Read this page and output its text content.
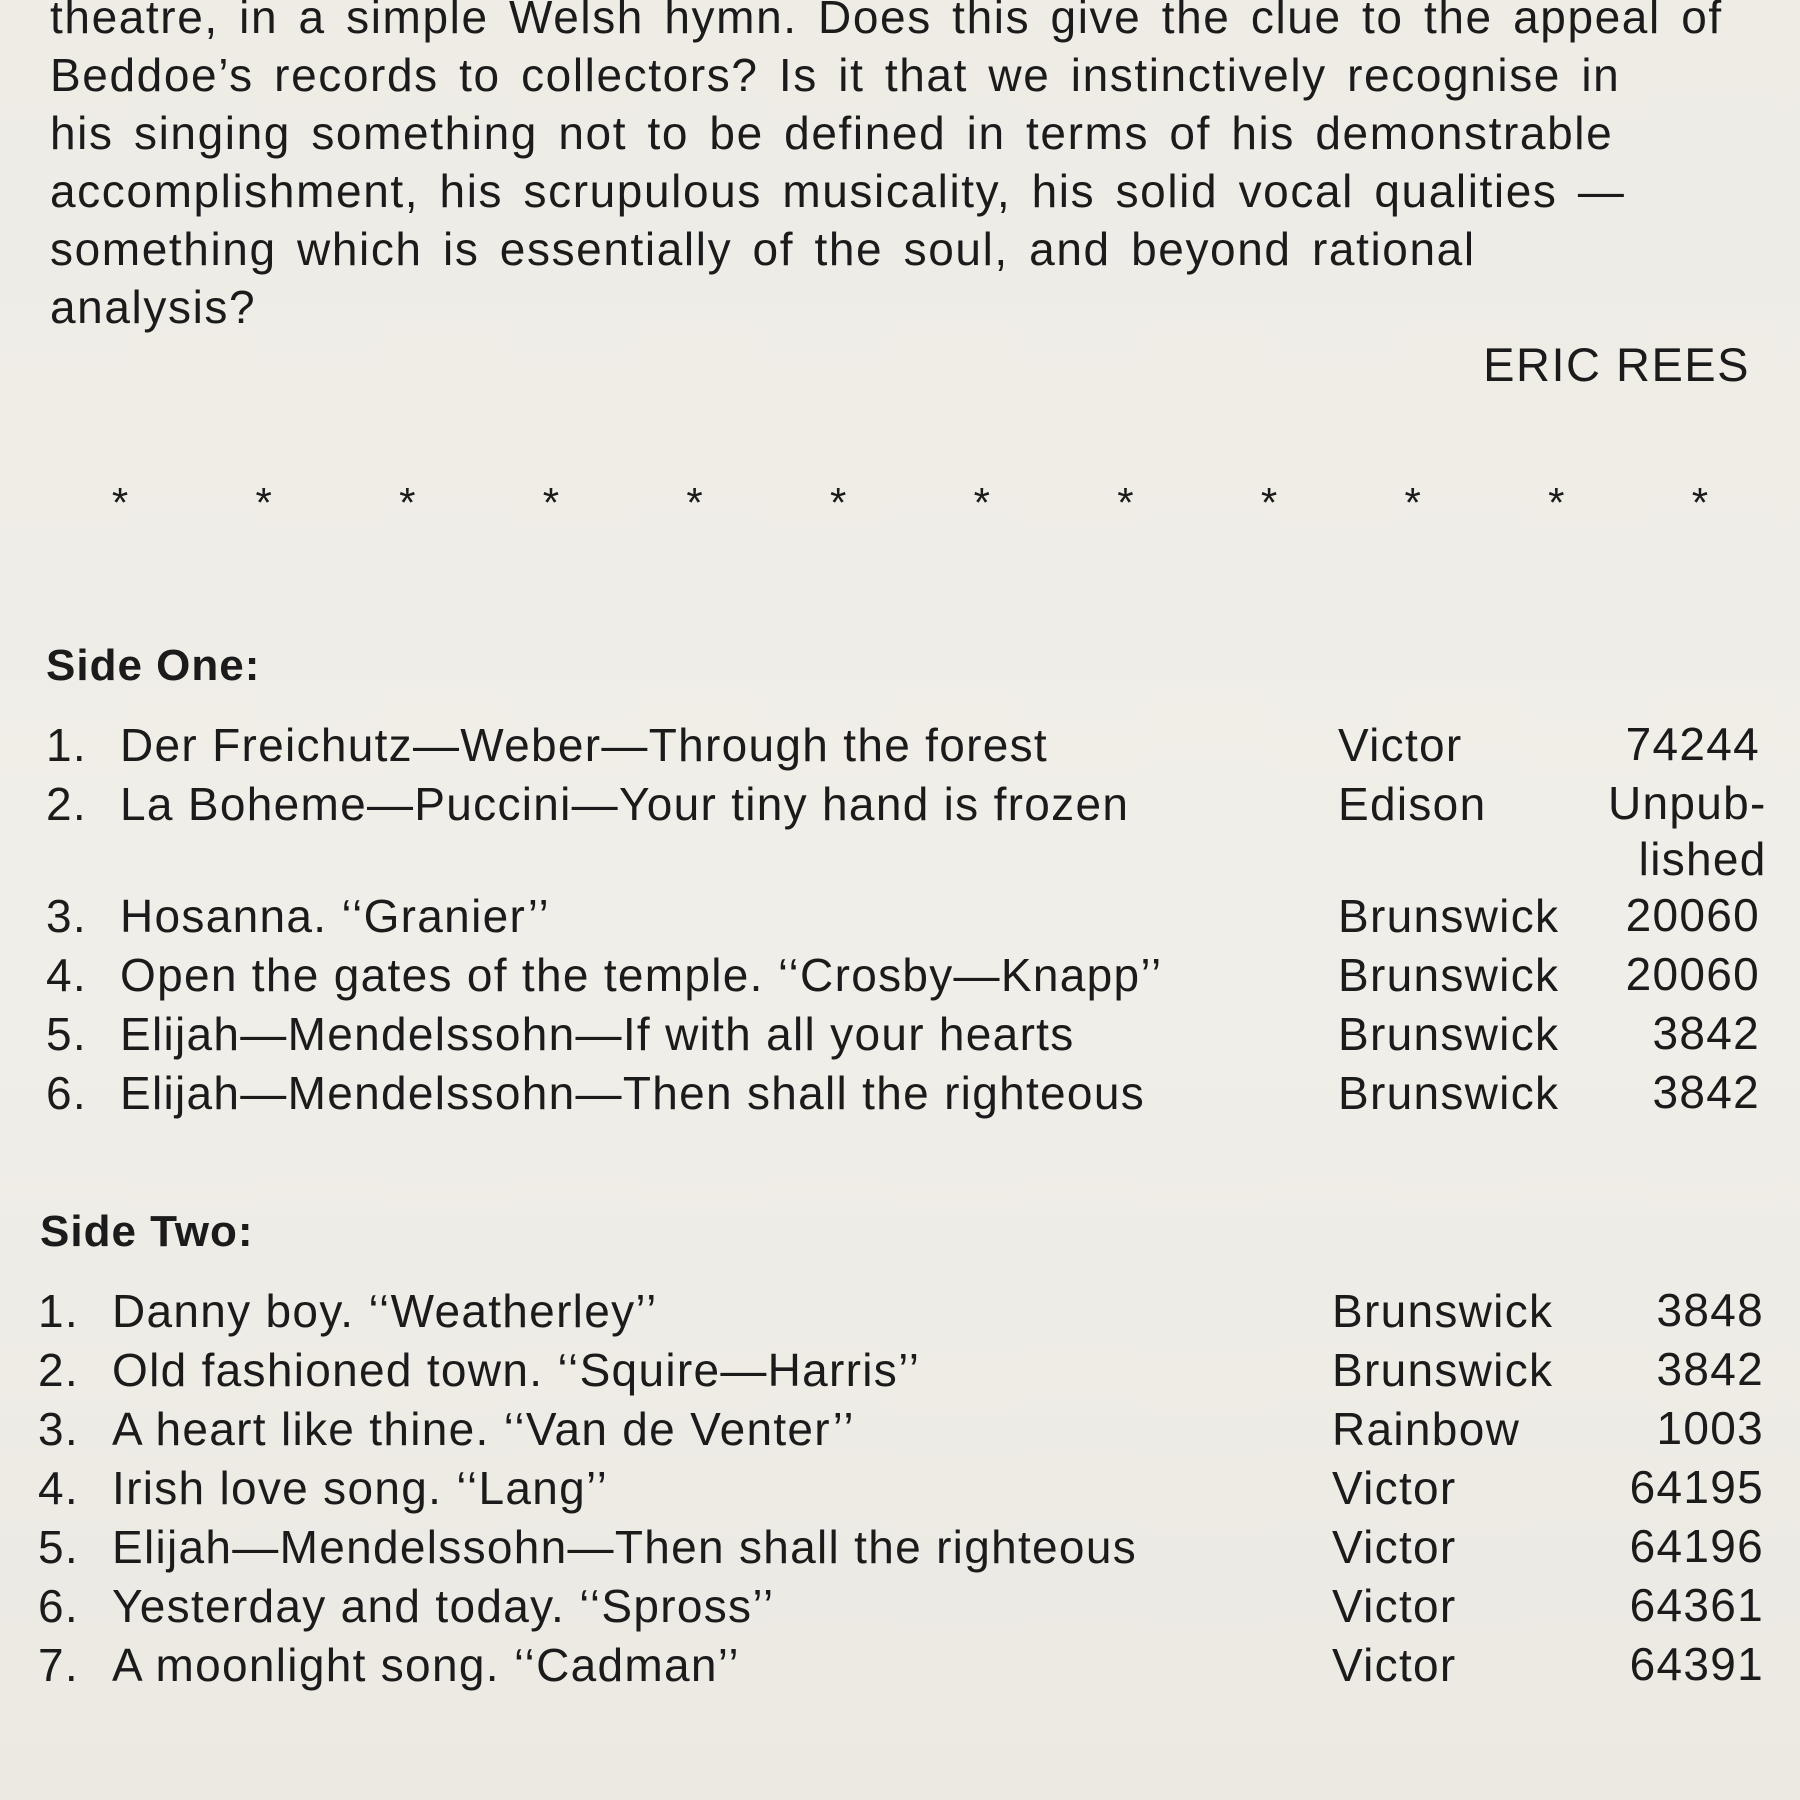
theatre, in a simple Welsh hymn. Does this give the clue to the appeal of

Beddoe’s records to collectors? Is it that we instinctively recognise in

his singing something not to be defined in terms of his demonstrable

accomplishment, his scrupulous musicality, his solid vocal qualities —

something which is essentially of the soul, and beyond rational

analysis?

ERIC REES
*	*	*	*	*	*	*	*	*	*	*	*
Side One:
1. Der Freichutz—Weber—Through the forest	Victor	74244
2. La Boheme—Puccini—Your tiny hand is frozen	Edison	Unpub-
lished
3. Hosanna. ‘‘Granier’’	Brunswick	20060
4. Open the gates of the temple. ‘‘Crosby—Knapp’’	Brunswick	20060
5. Elijah—Mendelssohn—If with all your hearts	Brunswick	3842
6. Elijah—Mendelssohn—Then shall the righteous	Brunswick	3842
Side Two:
1. Danny boy. ‘‘Weatherley’’	Brunswick	3848
2. Old fashioned town. ‘‘Squire—Harris’’	Brunswick	3842
3. A heart like thine. ‘‘Van de Venter’’	Rainbow	1003
4. Irish love song. ‘‘Lang’’	Victor	64195
5. Elijah—Mendelssohn—Then shall the righteous	Victor	64196
6. Yesterday and today. ‘‘Spross’’	Victor	64361
7. A moonlight song. ‘‘Cadman’’	Victor	64391
